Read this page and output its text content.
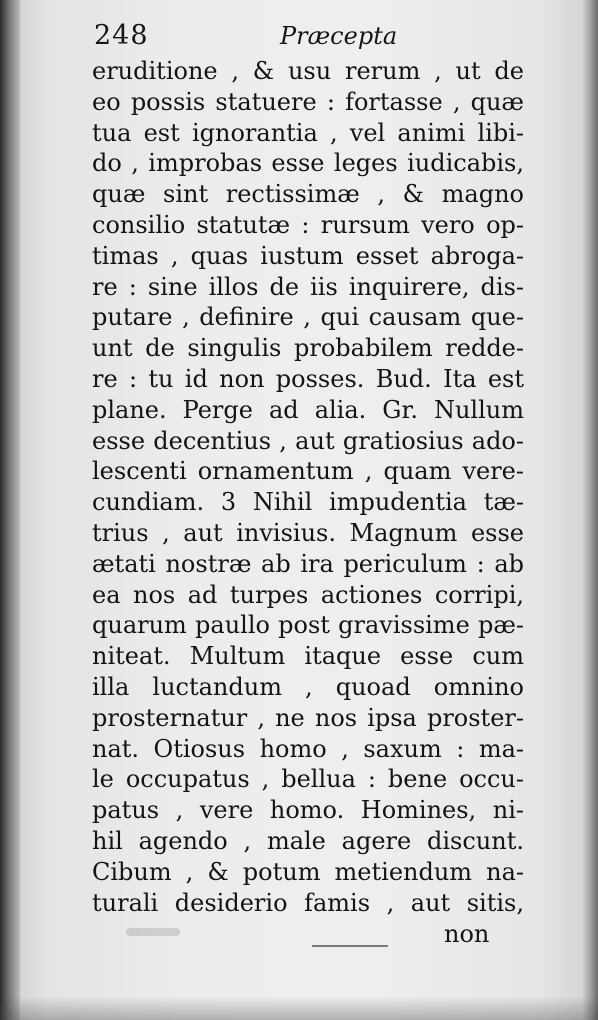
248	Præcepta
eruditione , & usu rerum , ut de
eo possis statuere : fortasse , quæ
tua est ignorantia , vel animi libi-
do , improbas esse leges iudicabis,
quæ sint rectissimæ , & magno
consilio statutæ : rursum vero op-
timas , quas iustum esset abroga-
re : sine illos de iis inquirere, dis-
putare , definire , qui causam que-
unt de singulis probabilem redde-
re : tu id non posses. Bud. Ita est
plane. Perge ad alia. Gr. Nullum
esse decentius , aut gratiosius ado-
lescenti ornamentum , quam vere-
cundiam. 3 Nihil impudentia tæ-
trius , aut invisius. Magnum esse
ætati nostræ ab ira periculum : ab
ea nos ad turpes actiones corripi,
quarum paullo post gravissime pæ-
niteat. Multum itaque esse cum
illa luctandum , quoad omnino
prosternatur , ne nos ipsa proster-
nat. Otiosus homo , saxum : ma-
le occupatus , bellua : bene occu-
patus , vere homo. Homines, ni-
hil agendo , male agere discunt.
Cibum , & potum metiendum na-
turali desiderio famis , aut sitis,
non
